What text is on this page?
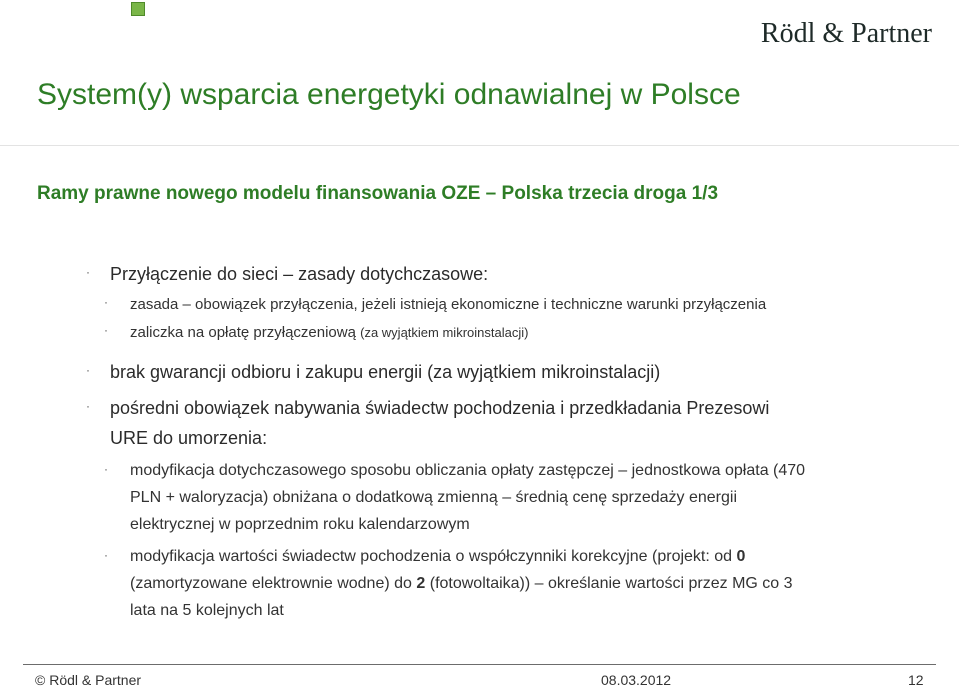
Rödl & Partner
System(y) wsparcia energetyki odnawialnej w Polsce
Ramy prawne nowego modelu finansowania OZE – Polska trzecia droga 1/3
· Przyłączenie do sieci – zasady dotychczasowe:
· zasada – obowiązek przyłączenia, jeżeli istnieją ekonomiczne i techniczne warunki przyłączenia
· zaliczka na opłatę przyłączeniową (za wyjątkiem mikroinstalacji)
· brak gwarancji odbioru i zakupu energii (za wyjątkiem mikroinstalacji)
· pośredni obowiązek nabywania świadectw pochodzenia i przedkładania Prezesowi
URE do umorzenia:
· modyfikacja dotychczasowego sposobu obliczania opłaty zastępczej – jednostkowa opłata (470
PLN + waloryzacja) obniżana o dodatkową zmienną – średnią cenę sprzedaży energii
elektrycznej w poprzednim roku kalendarzowym
· modyfikacja wartości świadectw pochodzenia o współczynniki korekcyjne (projekt: od 0
(zamortyzowane elektrownie wodne) do 2 (fotowoltaika)) – określanie wartości przez MG co 3
lata na 5 kolejnych lat
© Rödl & Partner	08.03.2012	12
